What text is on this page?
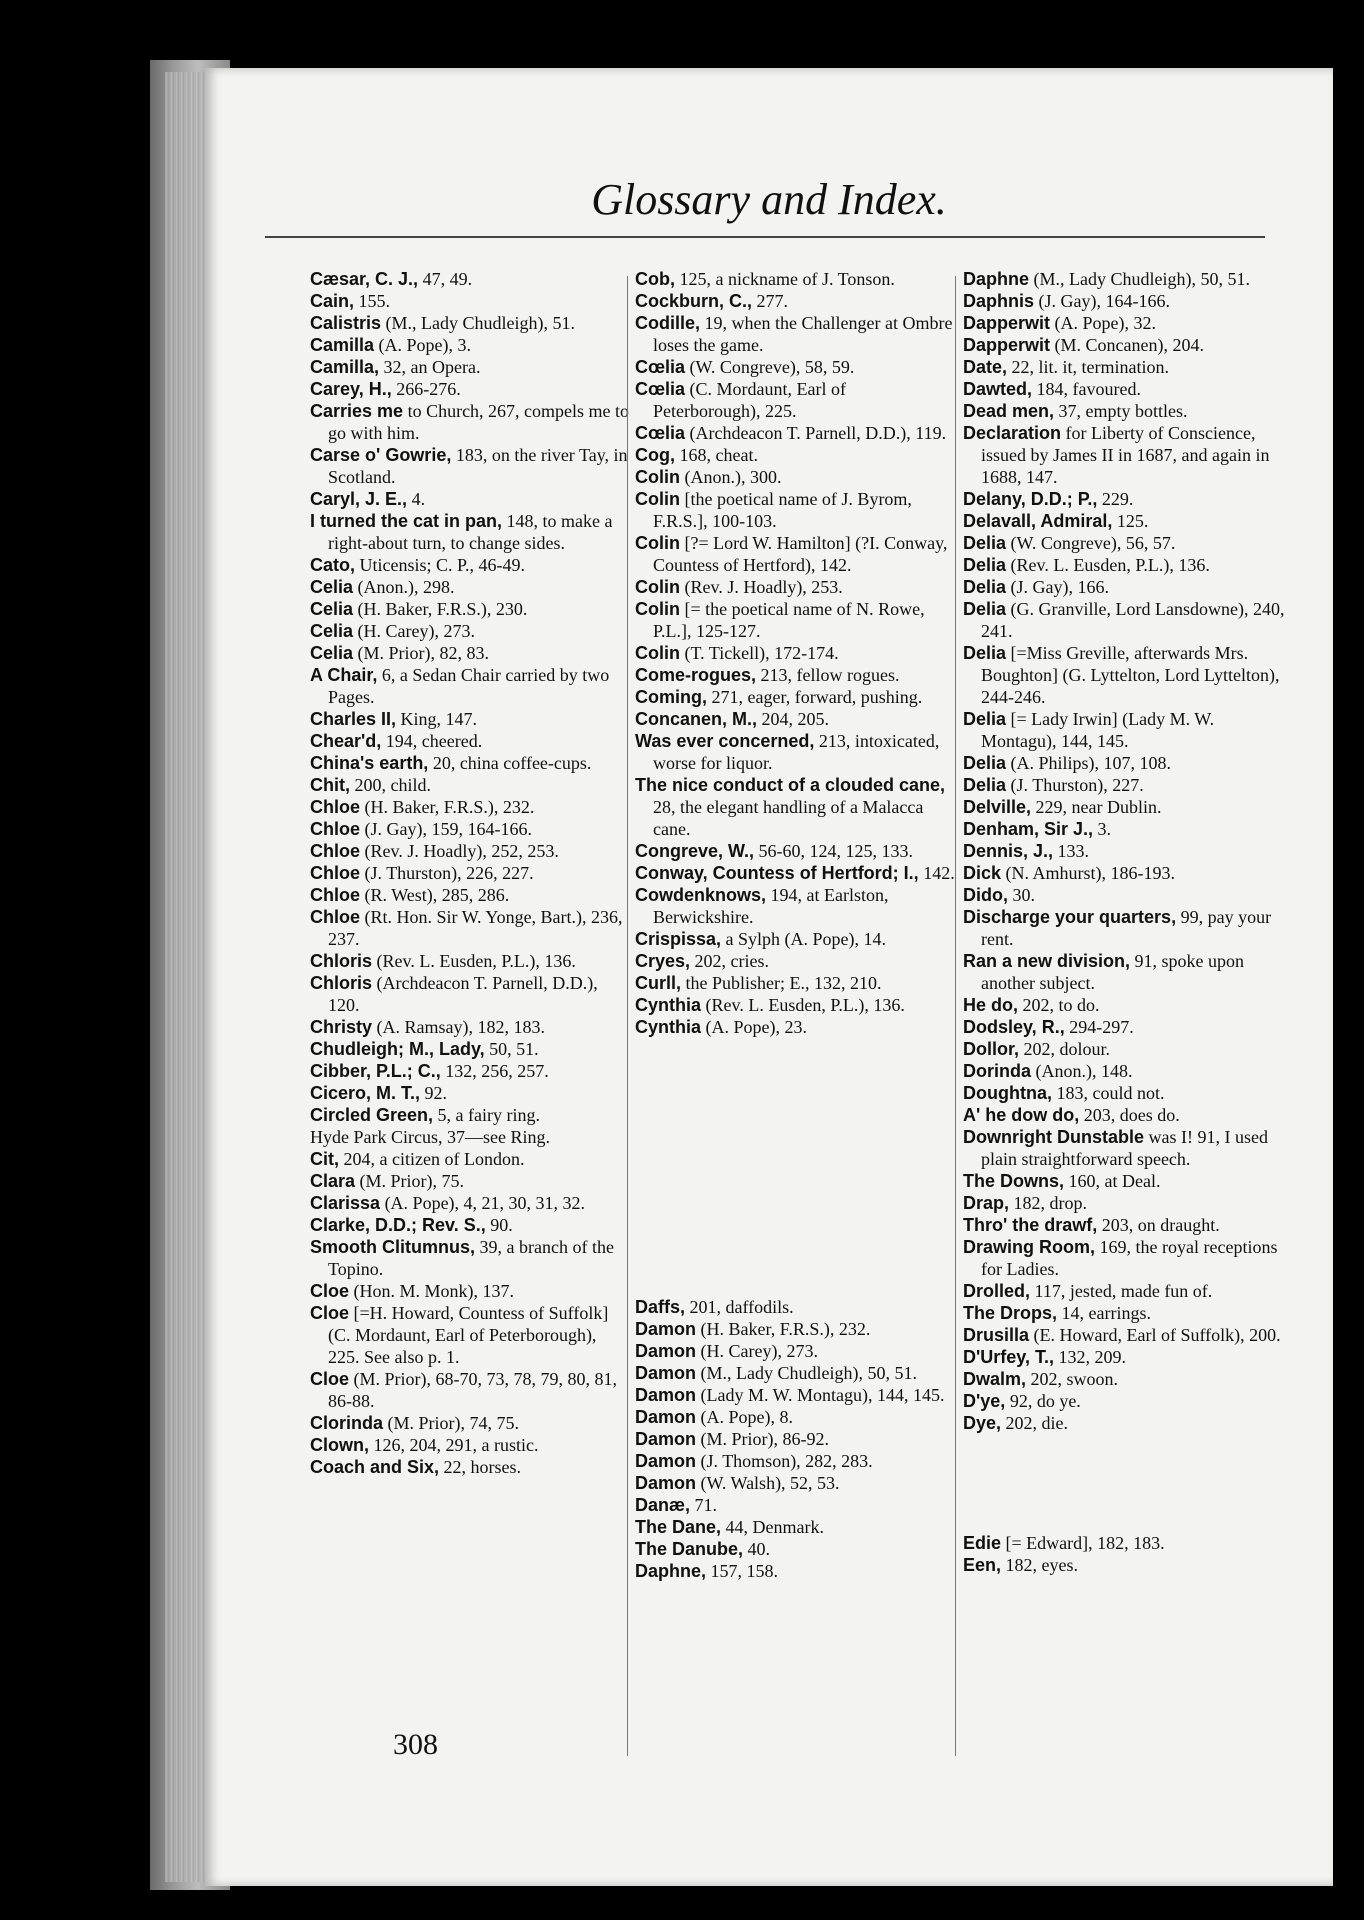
Glossary and Index.

Cæsar, C. J., 47, 49.

Cain, 155.

Calistris (M., Lady Chudleigh), 51.

Camilla (A. Pope), 3.

Camilla, 32, an Opera.

Carey, H., 266-276.

Carries me to Church, 267, compels me to go with him.

Carse o' Gowrie, 183, on the river Tay, in Scotland.

Caryl, J. E., 4.

I turned the cat in pan, 148, to make a right-about turn, to change sides.

Cato, Uticensis; C. P., 46-49.

Celia (Anon.), 298.

Celia (H. Baker, F.R.S.), 230.

Celia (H. Carey), 273.

Celia (M. Prior), 82, 83.

A Chair, 6, a Sedan Chair carried by two Pages.

Charles II, King, 147.

Chear'd, 194, cheered.

China's earth, 20, china coffee-cups.

Chit, 200, child.

Chloe (H. Baker, F.R.S.), 232.

Chloe (J. Gay), 159, 164-166.

Chloe (Rev. J. Hoadly), 252, 253.

Chloe (J. Thurston), 226, 227.

Chloe (R. West), 285, 286.

Chloe (Rt. Hon. Sir W. Yonge, Bart.), 236, 237.

Chloris (Rev. L. Eusden, P.L.), 136.

Chloris (Archdeacon T. Parnell, D.D.), 120.

Christy (A. Ramsay), 182, 183.

Chudleigh; M., Lady, 50, 51.

Cibber, P.L.; C., 132, 256, 257.

Cicero, M. T., 92.

Circled Green, 5, a fairy ring.

Hyde Park Circus, 37—see Ring.

Cit, 204, a citizen of London.

Clara (M. Prior), 75.

Clarissa (A. Pope), 4, 21, 30, 31, 32.

Clarke, D.D.; Rev. S., 90.

Smooth Clitumnus, 39, a branch of the Topino.

Cloe (Hon. M. Monk), 137.

Cloe [=H. Howard, Countess of Suffolk] (C. Mordaunt, Earl of Peterborough), 225. See also p. 1.

Cloe (M. Prior), 68-70, 73, 78, 79, 80, 81, 86-88.

Clorinda (M. Prior), 74, 75.

Clown, 126, 204, 291, a rustic.

Coach and Six, 22, horses.

Cob, 125, a nickname of J. Tonson.

Cockburn, C., 277.

Codille, 19, when the Challenger at Ombre loses the game.

Cœlia (W. Congreve), 58, 59.

Cœlia (C. Mordaunt, Earl of Peterborough), 225.

Cœlia (Archdeacon T. Parnell, D.D.), 119.

Cog, 168, cheat.

Colin (Anon.), 300.

Colin [the poetical name of J. Byrom, F.R.S.], 100-103.

Colin [?= Lord W. Hamilton] (?I. Conway, Countess of Hertford), 142.

Colin (Rev. J. Hoadly), 253.

Colin [= the poetical name of N. Rowe, P.L.], 125-127.

Colin (T. Tickell), 172-174.

Come-rogues, 213, fellow rogues.

Coming, 271, eager, forward, pushing.

Concanen, M., 204, 205.

Was ever concerned, 213, intoxicated, worse for liquor.

The nice conduct of a clouded cane, 28, the elegant handling of a Malacca cane.

Congreve, W., 56-60, 124, 125, 133.

Conway, Countess of Hertford; I., 142.

Cowdenknows, 194, at Earlston, Berwickshire.

Crispissa, a Sylph (A. Pope), 14.

Cryes, 202, cries.

Curll, the Publisher; E., 132, 210.

Cynthia (Rev. L. Eusden, P.L.), 136.

Cynthia (A. Pope), 23.

Daffs, 201, daffodils.

Damon (H. Baker, F.R.S.), 232.

Damon (H. Carey), 273.

Damon (M., Lady Chudleigh), 50, 51.

Damon (Lady M. W. Montagu), 144, 145.

Damon (A. Pope), 8.

Damon (M. Prior), 86-92.

Damon (J. Thomson), 282, 283.

Damon (W. Walsh), 52, 53.

Danæ, 71.

The Dane, 44, Denmark.

The Danube, 40.

Daphne, 157, 158.

Daphne (M., Lady Chudleigh), 50, 51.

Daphnis (J. Gay), 164-166.

Dapperwit (A. Pope), 32.

Dapperwit (M. Concanen), 204.

Date, 22, lit. it, termination.

Dawted, 184, favoured.

Dead men, 37, empty bottles.

Declaration for Liberty of Conscience, issued by James II in 1687, and again in 1688, 147.

Delany, D.D.; P., 229.

Delavall, Admiral, 125.

Delia (W. Congreve), 56, 57.

Delia (Rev. L. Eusden, P.L.), 136.

Delia (J. Gay), 166.

Delia (G. Granville, Lord Lansdowne), 240, 241.

Delia [=Miss Greville, afterwards Mrs. Boughton] (G. Lyttelton, Lord Lyttelton), 244-246.

Delia [= Lady Irwin] (Lady M. W. Montagu), 144, 145.

Delia (A. Philips), 107, 108.

Delia (J. Thurston), 227.

Delville, 229, near Dublin.

Denham, Sir J., 3.

Dennis, J., 133.

Dick (N. Amhurst), 186-193.

Dido, 30.

Discharge your quarters, 99, pay your rent.

Ran a new division, 91, spoke upon another subject.

He do, 202, to do.

Dodsley, R., 294-297.

Dollor, 202, dolour.

Dorinda (Anon.), 148.

Doughtna, 183, could not.

A' he dow do, 203, does do.

Downright Dunstable was I! 91, I used plain straightforward speech.

The Downs, 160, at Deal.

Drap, 182, drop.

Thro' the drawf, 203, on draught.

Drawing Room, 169, the royal receptions for Ladies.

Drolled, 117, jested, made fun of.

The Drops, 14, earrings.

Drusilla (E. Howard, Earl of Suffolk), 200.

D'Urfey, T., 132, 209.

Dwalm, 202, swoon.

D'ye, 92, do ye.

Dye, 202, die.

Edie [= Edward], 182, 183.

Een, 182, eyes.

308
